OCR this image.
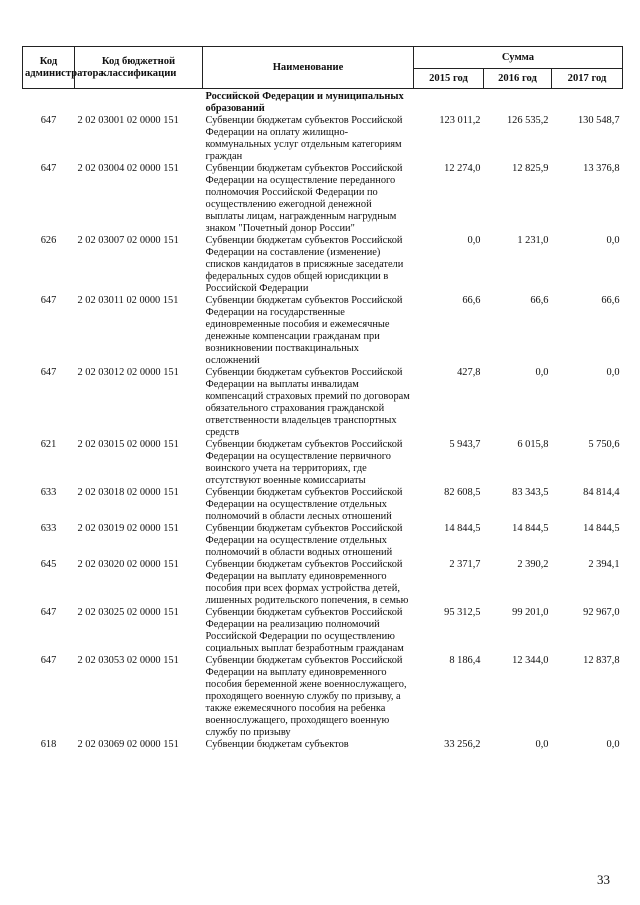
Код администратора	Код бюджетной классификации	Наименование	Сумма		
			2015 год	2016 год	2017 год
		Российской Федерации и муниципальных образований			
647	2 02 03001 02 0000 151	Субвенции бюджетам субъектов Российской Федерации на оплату жилищно-коммунальных услуг отдельным категориям граждан	123 011,2	126 535,2	130 548,7
647	2 02 03004 02 0000 151	Субвенции бюджетам субъектов Российской Федерации на осуществление переданного полномочия Российской Федерации по осуществлению ежегодной денежной выплаты лицам, награжденным нагрудным знаком "Почетный донор России"	12 274,0	12 825,9	13 376,8
626	2 02 03007 02 0000 151	Субвенции бюджетам субъектов Российской Федерации на составление (изменение) списков кандидатов в присяжные заседатели федеральных судов общей юрисдикции в Российской Федерации	0,0	1 231,0	0,0
647	2 02 03011 02 0000 151	Субвенции бюджетам субъектов Российской Федерации на государственные единовременные пособия и ежемесячные денежные компенсации гражданам при возникновении поствакцинальных осложнений	66,6	66,6	66,6
647	2 02 03012 02 0000 151	Субвенции бюджетам субъектов Российской Федерации на выплаты инвалидам компенсаций страховых премий по договорам обязательного страхования гражданской ответственности владельцев транспортных средств	427,8	0,0	0,0
621	2 02 03015 02 0000 151	Субвенции бюджетам субъектов Российской Федерации на осуществление первичного воинского учета на территориях, где отсутствуют военные комиссариаты	5 943,7	6 015,8	5 750,6
633	2 02 03018 02 0000 151	Субвенции бюджетам субъектов Российской Федерации на осуществление отдельных полномочий в области лесных отношений	82 608,5	83 343,5	84 814,4
633	2 02 03019 02 0000 151	Субвенции бюджетам субъектов Российской Федерации на осуществление отдельных полномочий в области водных отношений	14 844,5	14 844,5	14 844,5
645	2 02 03020 02 0000 151	Субвенции бюджетам субъектов Российской Федерации на выплату единовременного пособия при всех формах устройства детей, лишенных родительского попечения, в семью	2 371,7	2 390,2	2 394,1
647	2 02 03025 02 0000 151	Субвенции бюджетам субъектов Российской Федерации на реализацию полномочий Российской Федерации по осуществлению социальных выплат безработным гражданам	95 312,5	99 201,0	92 967,0
647	2 02 03053 02 0000 151	Субвенции бюджетам субъектов Российской Федерации на выплату единовременного пособия беременной жене военнослужащего, проходящего военную службу по призыву, а также ежемесячного пособия на ребенка военнослужащего, проходящего военную службу по призыву	8 186,4	12 344,0	12 837,8
618	2 02 03069 02 0000 151	Субвенции бюджетам субъектов	33 256,2	0,0	0,0
33
